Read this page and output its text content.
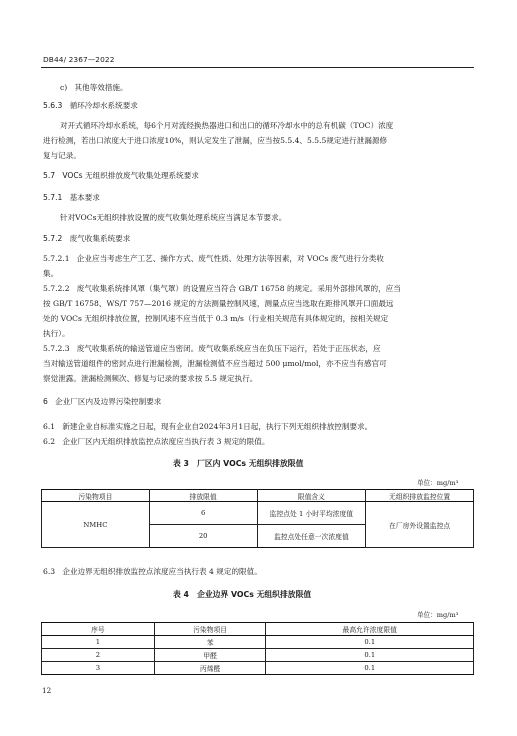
DB44/ 2367—2022
c)   其他等效措施。
5.6.3   循环冷却水系统要求
对开式循环冷却水系统，每6个月对流经换热器进口和出口的循环冷却水中的总有机碳（TOC）浓度
进行检测，若出口浓度大于进口浓度10%，则认定发生了泄漏，应当按5.5.4、5.5.5规定进行泄漏源修
复与记录。
5.7   VOCs 无组织排放废气收集处理系统要求
5.7.1   基本要求
针对VOCs无组织排放设置的废气收集处理系统应当满足本节要求。
5.7.2   废气收集系统要求
5.7.2.1   企业应当考虑生产工艺、操作方式、废气性质、处理方法等因素，对 VOCs 废气进行分类收
集。
5.7.2.2   废气收集系统排风罩（集气罩）的设置应当符合 GB/T 16758 的规定。采用外部排风罩的，应当
按 GB/T 16758、WS/T 757—2016 规定的方法测量控制风速，测量点应当选取在距排风罩开口面最远
处的 VOCs 无组织排放位置，控制风速不应当低于 0.3 m/s（行业相关规范有具体规定的，按相关规定
执行）。
5.7.2.3   废气收集系统的输送管道应当密闭。废气收集系统应当在负压下运行，若处于正压状态，应
当对输送管道组件的密封点进行泄漏检测，泄漏检测值不应当超过 500 μmol/mol，亦不应当有感官可
察觉泄露。泄漏检测频次、修复与记录的要求按 5.5 规定执行。
6   企业厂区内及边界污染控制要求
6.1   新建企业自标准实施之日起，现有企业自2024年3月1日起，执行下列无组织排放控制要求。
6.2   企业厂区内无组织排放监控点浓度应当执行表 3 规定的限值。
表 3   厂区内 VOCs 无组织排放限值
单位：mg/m³
污染物项目	排放限值	限值含义	无组织排放监控位置
NMHC	6	监控点处 1 小时平均浓度值	在厂房外设置监控点
	20	监控点处任意一次浓度值	
6.3   企业边界无组织排放监控点浓度应当执行表 4 规定的限值。
表 4   企业边界 VOCs 无组织排放限值
单位：mg/m³
序号	污染物项目	最高允许浓度限值
1	苯	0.1
2	甲醛	0.1
3	丙烯醛	0.1
12
